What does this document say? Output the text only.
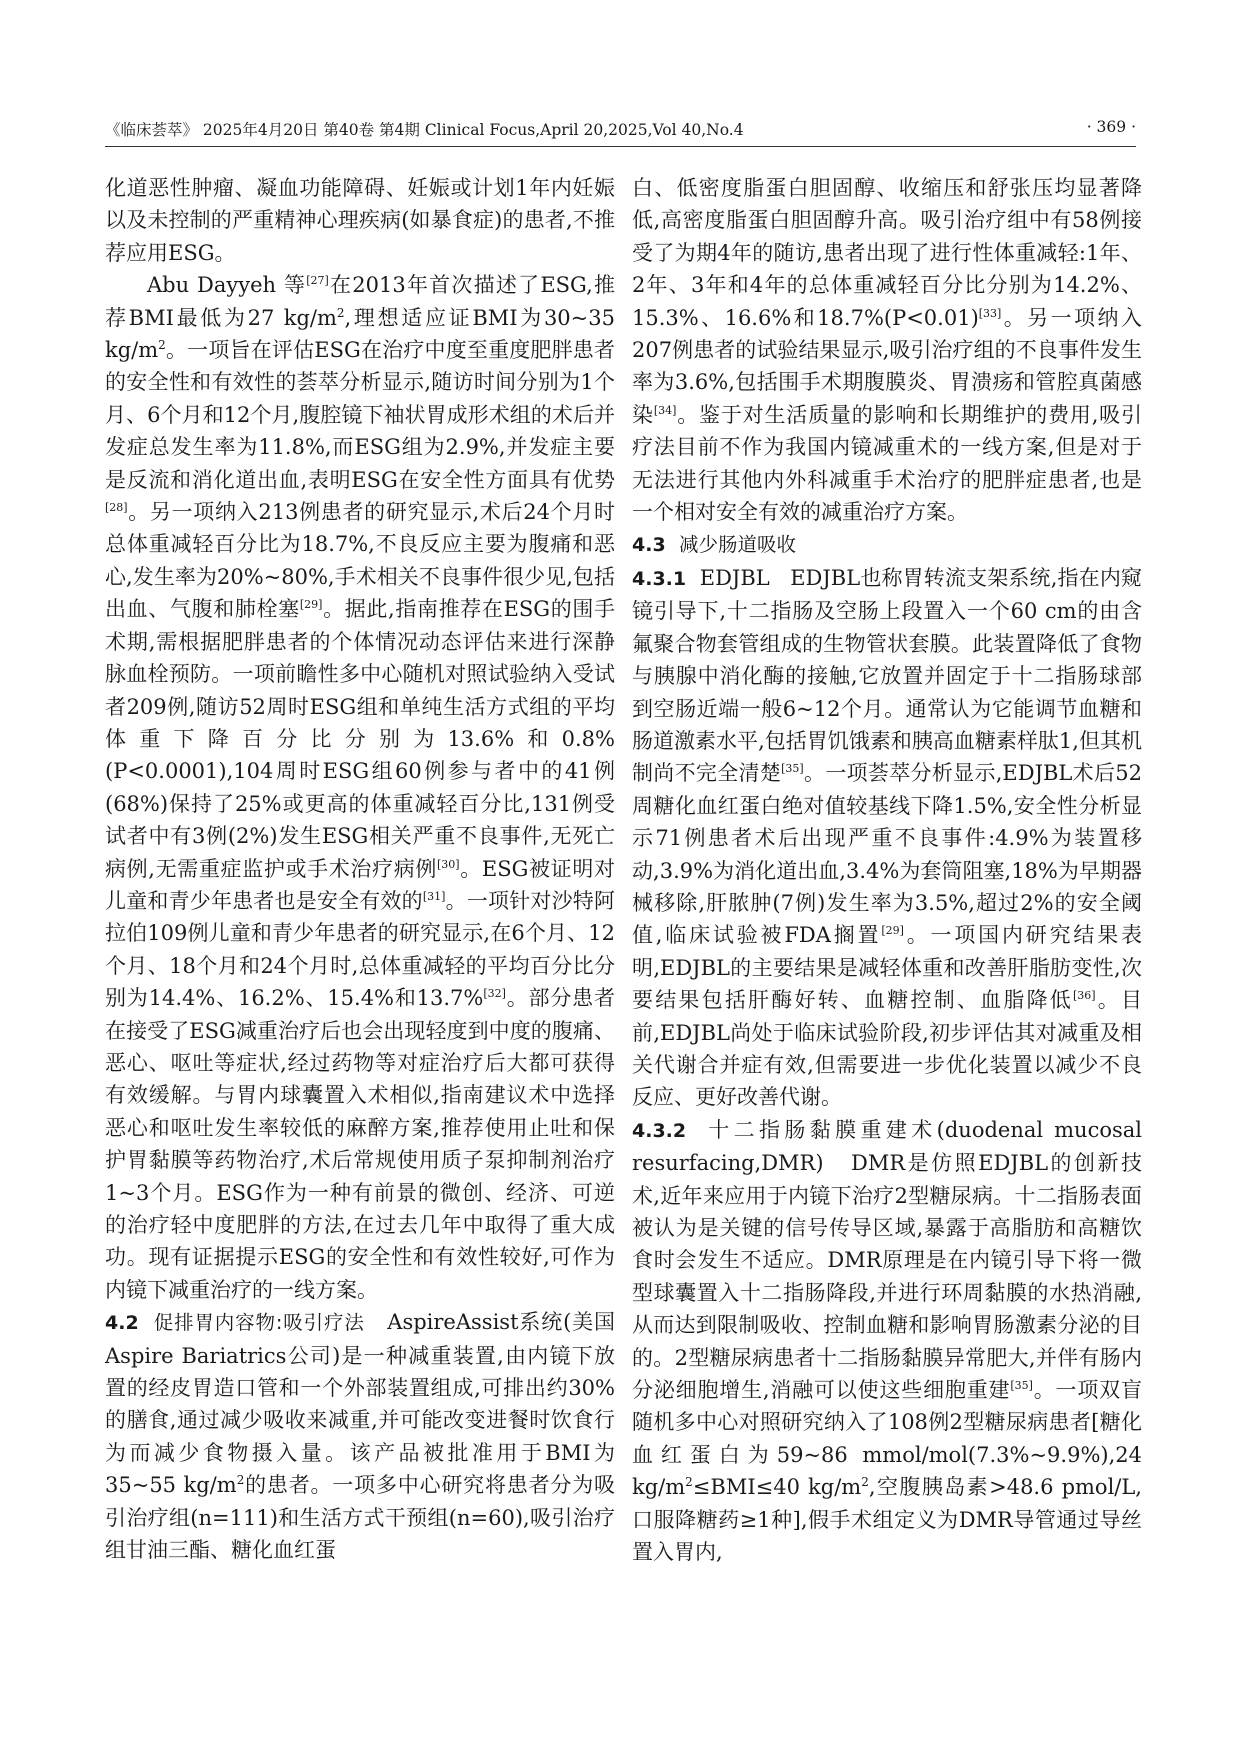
《临床荟萃》 2025年4月20日 第40卷 第4期 Clinical Focus,April 20,2025,Vol 40,No.4	· 369 ·

化道恶性肿瘤、凝血功能障碍、妊娠或计划1年内妊娠以及未控制的严重精神心理疾病(如暴食症)的患者,不推荐应用ESG。

Abu Dayyeh 等[27]在2013年首次描述了ESG,推荐BMI最低为27 $kg/m^2$,理想适应证BMI为30~35 $kg/m^2$。一项旨在评估ESG在治疗中度至重度肥胖患者的安全性和有效性的荟萃分析显示,随访时间分别为1个月、6个月和12个月,腹腔镜下袖状胃成形术组的术后并发症总发生率为11.8%,而ESG组为2.9%,并发症主要是反流和消化道出血,表明ESG在安全性方面具有优势[28]。另一项纳入213例患者的研究显示,术后24个月时总体重减轻百分比为18.7%,不良反应主要为腹痛和恶心,发生率为20%~80%,手术相关不良事件很少见,包括出血、气腹和肺栓塞[29]。据此,指南推荐在ESG的围手术期,需根据肥胖患者的个体情况动态评估来进行深静脉血栓预防。一项前瞻性多中心随机对照试验纳入受试者209例,随访52周时ESG组和单纯生活方式组的平均体重下降百分比分别为13.6%和0.8%(P<0.0001),104周时ESG组60例参与者中的41例(68%)保持了25%或更高的体重减轻百分比,131例受试者中有3例(2%)发生ESG相关严重不良事件,无死亡病例,无需重症监护或手术治疗病例[30]。ESG被证明对儿童和青少年患者也是安全有效的[31]。一项针对沙特阿拉伯109例儿童和青少年患者的研究显示,在6个月、12个月、18个月和24个月时,总体重减轻的平均百分比分别为14.4%、16.2%、15.4%和13.7%[32]。部分患者在接受了ESG减重治疗后也会出现轻度到中度的腹痛、恶心、呕吐等症状,经过药物等对症治疗后大都可获得有效缓解。与胃内球囊置入术相似,指南建议术中选择恶心和呕吐发生率较低的麻醉方案,推荐使用止吐和保护胃黏膜等药物治疗,术后常规使用质子泵抑制剂治疗1~3个月。ESG作为一种有前景的微创、经济、可逆的治疗轻中度肥胖的方法,在过去几年中取得了重大成功。现有证据提示ESG的安全性和有效性较好,可作为内镜下减重治疗的一线方案。

4.2 促排胃内容物:吸引疗法 AspireAssist系统(美国Aspire Bariatrics公司)是一种减重装置,由内镜下放置的经皮胃造口管和一个外部装置组成,可排出约30%的膳食,通过减少吸收来减重,并可能改变进餐时饮食行为而减少食物摄入量。该产品被批准用于BMI为35~55 $kg/m^2$的患者。一项多中心研究将患者分为吸引治疗组(n=111)和生活方式干预组(n=60),吸引治疗组甘油三酯、糖化血红蛋

白、低密度脂蛋白胆固醇、收缩压和舒张压均显著降低,高密度脂蛋白胆固醇升高。吸引治疗组中有58例接受了为期4年的随访,患者出现了进行性体重减轻:1年、2年、3年和4年的总体重减轻百分比分别为14.2%、15.3%、16.6%和18.7%(P<0.01)[33]。另一项纳入207例患者的试验结果显示,吸引治疗组的不良事件发生率为3.6%,包括围手术期腹膜炎、胃溃疡和管腔真菌感染[34]。鉴于对生活质量的影响和长期维护的费用,吸引疗法目前不作为我国内镜减重术的一线方案,但是对于无法进行其他内外科减重手术治疗的肥胖症患者,也是一个相对安全有效的减重治疗方案。

4.3 减少肠道吸收

4.3.1 EDJBL EDJBL也称胃转流支架系统,指在内窥镜引导下,十二指肠及空肠上段置入一个60 cm的由含氟聚合物套管组成的生物管状套膜。此装置降低了食物与胰腺中消化酶的接触,它放置并固定于十二指肠球部到空肠近端一般6~12个月。通常认为它能调节血糖和肠道激素水平,包括胃饥饿素和胰高血糖素样肽1,但其机制尚不完全清楚[35]。一项荟萃分析显示,EDJBL术后52周糖化血红蛋白绝对值较基线下降1.5%,安全性分析显示71例患者术后出现严重不良事件:4.9%为装置移动,3.9%为消化道出血,3.4%为套筒阻塞,18%为早期器械移除,肝脓肿(7例)发生率为3.5%,超过2%的安全阈值,临床试验被FDA搁置[29]。一项国内研究结果表明,EDJBL的主要结果是减轻体重和改善肝脂肪变性,次要结果包括肝酶好转、血糖控制、血脂降低[36]。目前,EDJBL尚处于临床试验阶段,初步评估其对减重及相关代谢合并症有效,但需要进一步优化装置以减少不良反应、更好改善代谢。

4.3.2 十二指肠黏膜重建术(duodenal mucosal resurfacing,DMR) DMR是仿照EDJBL的创新技术,近年来应用于内镜下治疗2型糖尿病。十二指肠表面被认为是关键的信号传导区域,暴露于高脂肪和高糖饮食时会发生不适应。DMR原理是在内镜引导下将一微型球囊置入十二指肠降段,并进行环周黏膜的水热消融,从而达到限制吸收、控制血糖和影响胃肠激素分泌的目的。2型糖尿病患者十二指肠黏膜异常肥大,并伴有肠内分泌细胞增生,消融可以使这些细胞重建[35]。一项双盲随机多中心对照研究纳入了108例2型糖尿病患者[糖化血红蛋白为59~86 mmol/mol(7.3%~9.9%),24 $kg/m^2\le BMI\le 40$ $kg/m^2$,空腹胰岛素>48.6 pmol/L,口服降糖药≥1种],假手术组定义为DMR导管通过导丝置入胃内,
